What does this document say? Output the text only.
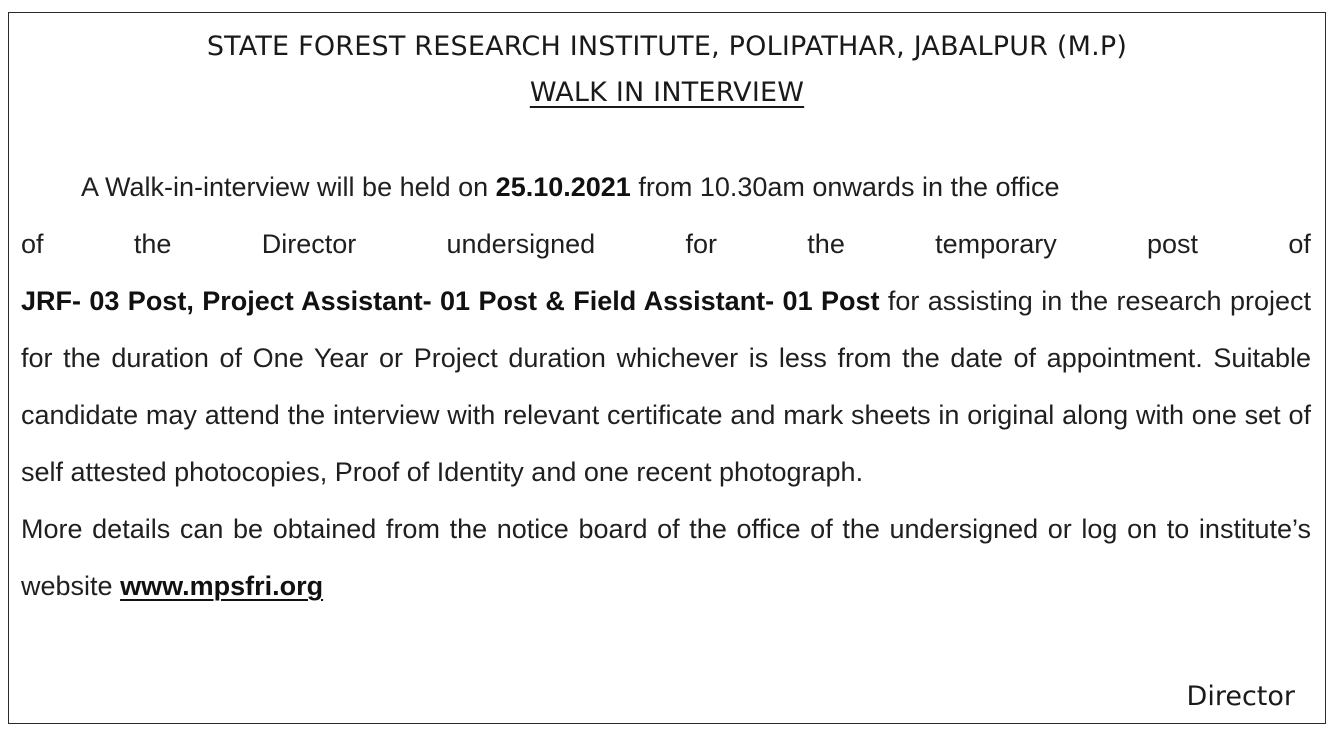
STATE FOREST RESEARCH INSTITUTE, POLIPATHAR, JABALPUR (M.P)
WALK IN INTERVIEW
A Walk-in-interview will be held on 25.10.2021 from 10.30am onwards in the office
of	the	Director	undersigned	for	the	temporary	post	of

JRF- 03 Post, Project Assistant- 01 Post & Field Assistant- 01 Post for assisting in the research project for the duration of One Year or Project duration whichever is less from the date of appointment. Suitable candidate may attend the interview with relevant certificate and mark sheets in original along with one set of self attested photocopies, Proof of Identity and one recent photograph.

More details can be obtained from the notice board of the office of the undersigned or log on to institute’s website www.mpsfri.org

Director
